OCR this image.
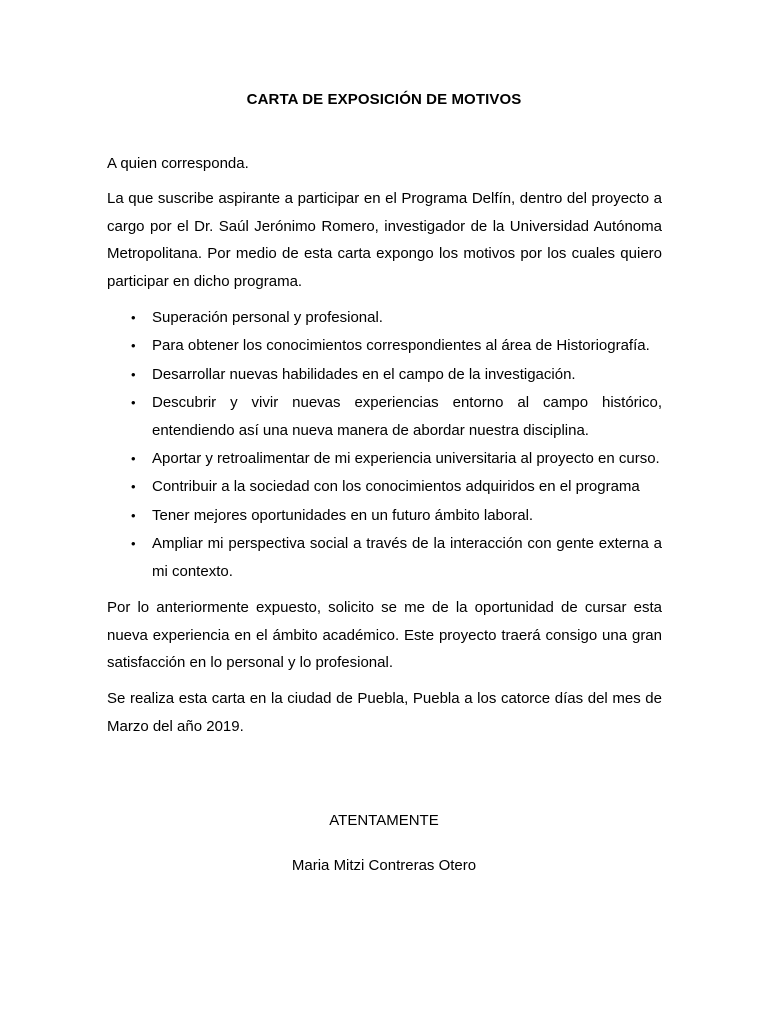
CARTA DE EXPOSICIÓN DE MOTIVOS

A quien corresponda.

La que suscribe aspirante a participar en el Programa Delfín, dentro del proyecto a cargo por el Dr. Saúl Jerónimo Romero, investigador de la Universidad Autónoma Metropolitana. Por medio de esta carta expongo los motivos por los cuales quiero participar en dicho programa.

• Superación personal y profesional.
• Para obtener los conocimientos correspondientes al área de Historiografía.
• Desarrollar nuevas habilidades en el campo de la investigación.
• Descubrir y vivir nuevas experiencias entorno al campo histórico, entendiendo así una nueva manera de abordar nuestra disciplina.
• Aportar y retroalimentar de mi experiencia universitaria al proyecto en curso.
• Contribuir a la sociedad con los conocimientos adquiridos en el programa
• Tener mejores oportunidades en un futuro ámbito laboral.
• Ampliar mi perspectiva social a través de la interacción con gente externa a mi contexto.

Por lo anteriormente expuesto, solicito se me de la oportunidad de cursar esta nueva experiencia en el ámbito académico. Este proyecto traerá consigo una gran satisfacción en lo personal y lo profesional.

Se realiza esta carta en la ciudad de Puebla, Puebla a los catorce días del mes de Marzo del año 2019.

ATENTAMENTE
Maria Mitzi Contreras Otero
